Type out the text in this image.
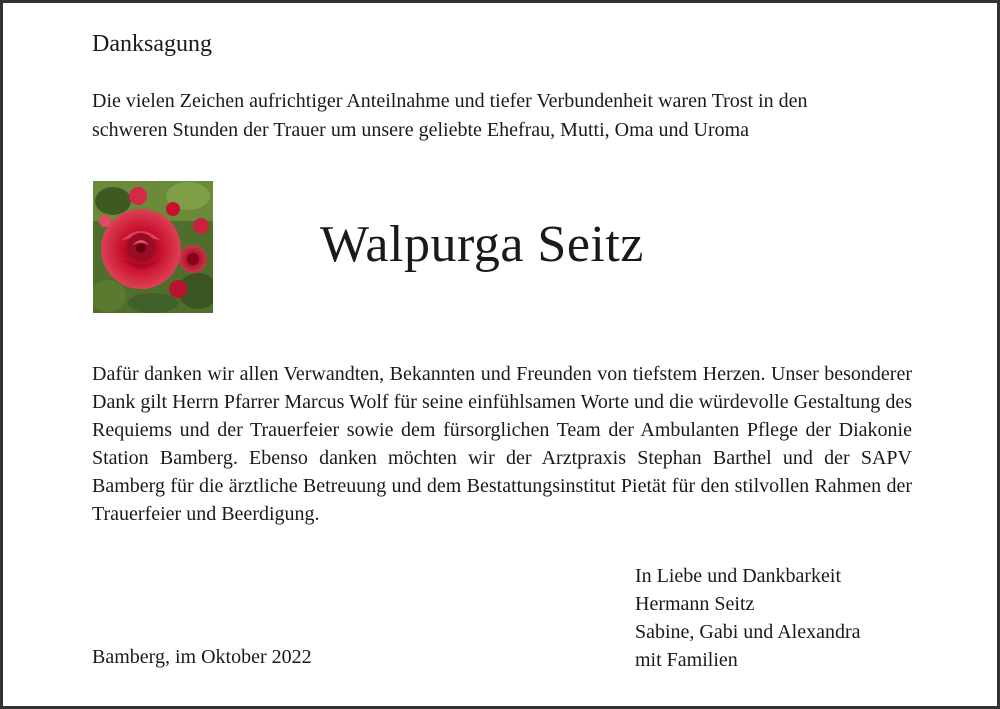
Danksagung
Die vielen Zeichen aufrichtiger Anteilnahme und tiefer Verbundenheit waren Trost in den
schweren Stunden der Trauer um unsere geliebte Ehefrau, Mutti, Oma und Uroma
Walpurga Seitz

Dafür danken wir allen Verwandten, Bekannten und Freunden von tiefstem Herzen. Unser besonderer Dank gilt Herrn Pfarrer Marcus Wolf für seine einfühlsamen Worte und die würdevolle Gestaltung des Requiems und der Trauerfeier sowie dem fürsorglichen Team der Ambulanten Pflege der Diakonie Station Bamberg. Ebenso danken möchten wir der Arztpraxis Stephan Barthel und der SAPV Bamberg für die ärztliche Betreuung und dem Bestattungsinstitut Pietät für den stilvollen Rahmen der Trauerfeier und Beerdigung.

Bamberg, im Oktober 2022
In Liebe und Dankbarkeit
Hermann Seitz
Sabine, Gabi und Alexandra
mit Familien
